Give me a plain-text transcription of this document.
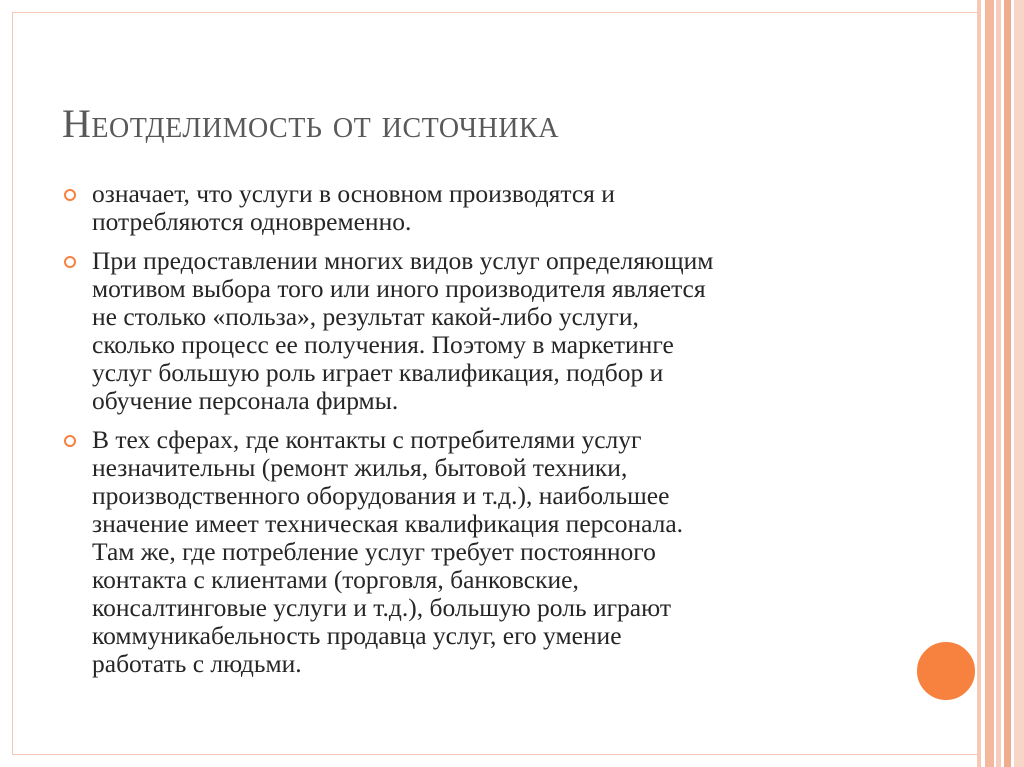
Неотделимость от источника
означает, что услуги в основном производятся и
потребляются одновременно.
При предоставлении многих видов услуг определяющим
мотивом выбора того или иного производителя является
не столько «польза», результат какой-либо услуги,
сколько процесс ее получения. Поэтому в маркетинге
услуг большую роль играет квалификация, подбор и
обучение персонала фирмы.
В тех сферах, где контакты с потребителями услуг
незначительны (ремонт жилья, бытовой техники,
производственного оборудования и т.д.), наибольшее
значение имеет техническая квалификация персонала.
Там же, где потребление услуг требует постоянного
контакта с клиентами (торговля, банковские,
консалтинговые услуги и т.д.), большую роль играют
коммуникабельность продавца услуг, его умение
работать с людьми.
